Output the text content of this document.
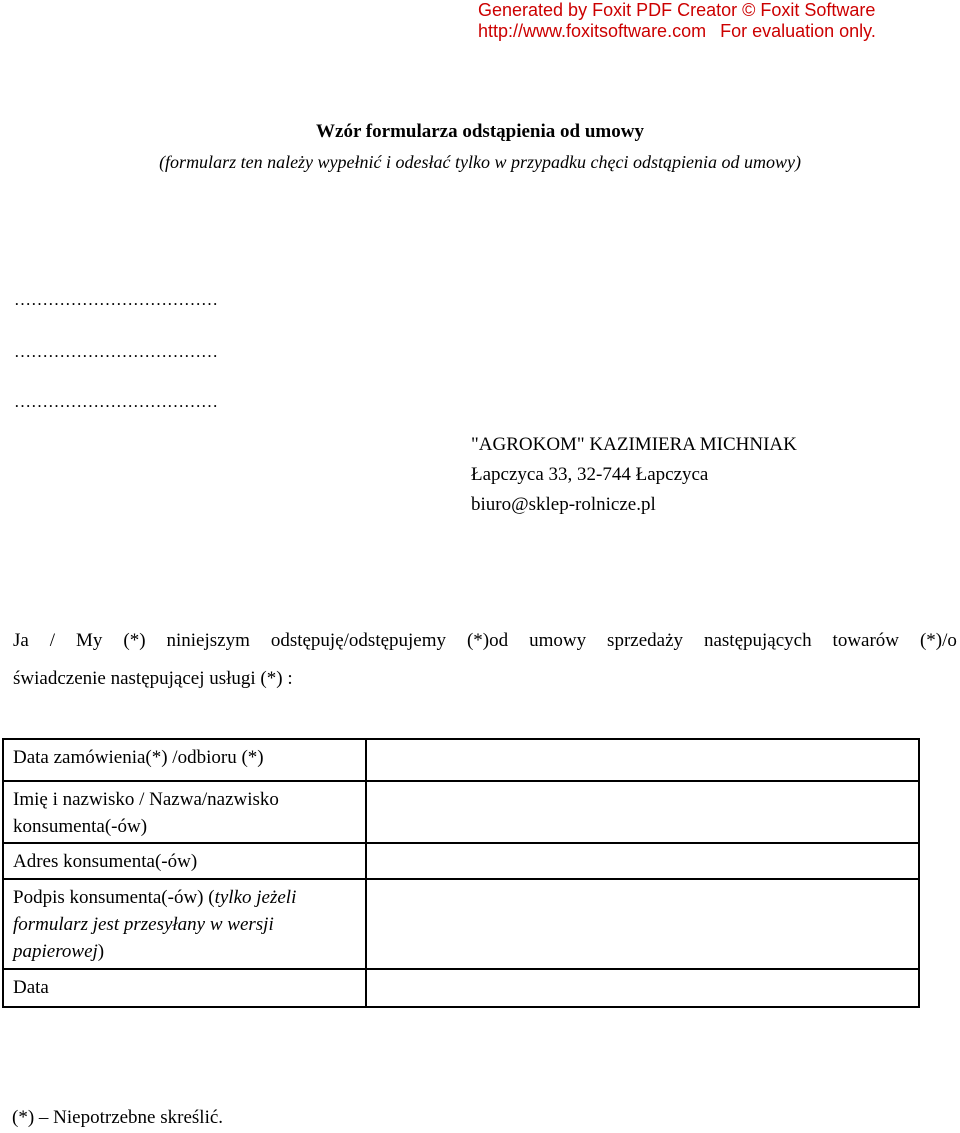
Generated by Foxit PDF Creator © Foxit Software
http://www.foxitsoftware.com For evaluation only.
Wzór formularza odstąpienia od umowy
(formularz ten należy wypełnić i odesłać tylko w przypadku chęci odstąpienia od umowy)
………………………………
………………………………
………………………………
"AGROKOM" KAZIMIERA MICHNIAK
Łapczyca 33, 32-744 Łapczyca
biuro@sklep-rolnicze.pl
Ja / My (*) niniejszym odstępuję/odstępujemy (*)od umowy sprzedaży następujących towarów (*)/o
świadczenie następującej usługi (*) :
Data zamówienia(*) /odbioru (*)	
Imię i nazwisko / Nazwa/nazwisko konsumenta(-ów)	
Adres konsumenta(-ów)	
Podpis konsumenta(-ów) (tylko jeżeli formularz jest przesyłany w wersji papierowej)	
Data	
(*) – Niepotrzebne skreślić.
